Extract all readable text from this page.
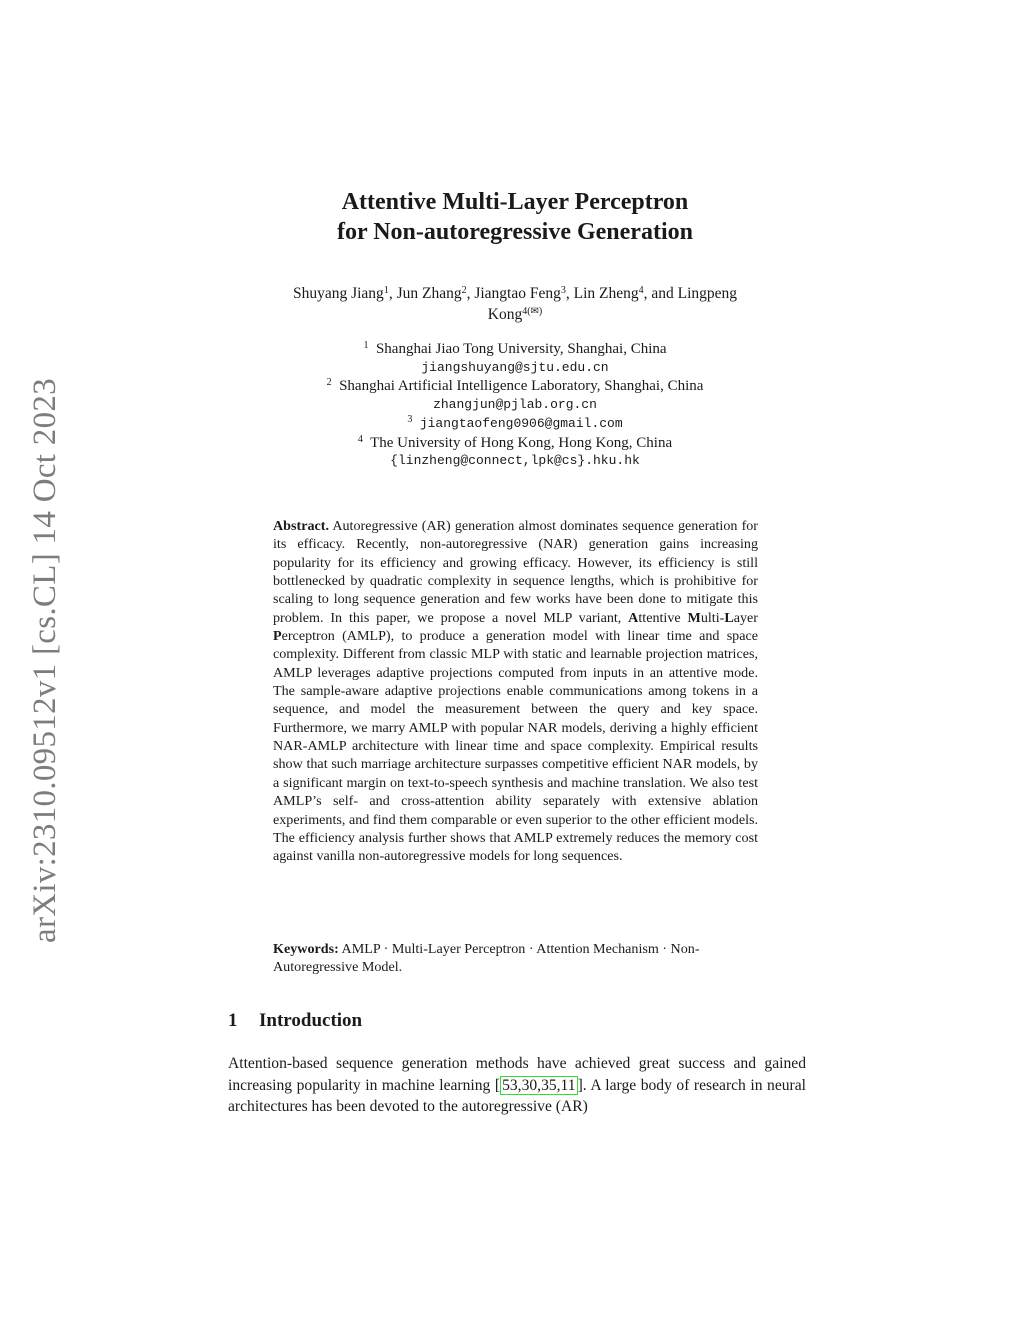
arXiv:2310.09512v1 [cs.CL] 14 Oct 2023
Attentive Multi-Layer Perceptron
for Non-autoregressive Generation
Shuyang Jiang$^1$, Jun Zhang$^2$, Jiangtao Feng$^3$, Lin Zheng$^4$, and Lingpeng
Kong$^{4(✉)}$
$^1$ Shanghai Jiao Tong University, Shanghai, China
jiangshuyang@sjtu.edu.cn
$^2$ Shanghai Artificial Intelligence Laboratory, Shanghai, China
zhangjun@pjlab.org.cn
$^3$ jiangtaofeng0906@gmail.com
$^4$ The University of Hong Kong, Hong Kong, China
{linzheng@connect,lpk@cs}.hku.hk
Abstract. Autoregressive (AR) generation almost dominates sequence generation for its efficacy. Recently, non-autoregressive (NAR) generation gains increasing popularity for its efficiency and growing efficacy. However, its efficiency is still bottlenecked by quadratic complexity in sequence lengths, which is prohibitive for scaling to long sequence generation and few works have been done to mitigate this problem. In this paper, we propose a novel MLP variant, Attentive Multi-Layer Perceptron (AMLP), to produce a generation model with linear time and space complexity. Different from classic MLP with static and learnable projection matrices, AMLP leverages adaptive projections computed from inputs in an attentive mode. The sample-aware adaptive projections enable communications among tokens in a sequence, and model the measurement between the query and key space. Furthermore, we marry AMLP with popular NAR models, deriving a highly efficient NAR-AMLP architecture with linear time and space complexity. Empirical results show that such marriage architecture surpasses competitive efficient NAR models, by a significant margin on text-to-speech synthesis and machine translation. We also test AMLP’s self- and cross-attention ability separately with extensive ablation experiments, and find them comparable or even superior to the other efficient models. The efficiency analysis further shows that AMLP extremely reduces the memory cost against vanilla non-autoregressive models for long sequences.
Keywords: AMLP · Multi-Layer Perceptron · Attention Mechanism · Non-Autoregressive Model.
1 Introduction
Attention-based sequence generation methods have achieved great success and gained increasing popularity in machine learning [ 53,30,35,11 ]. A large body of research in neural architectures has been devoted to the autoregressive (AR)
